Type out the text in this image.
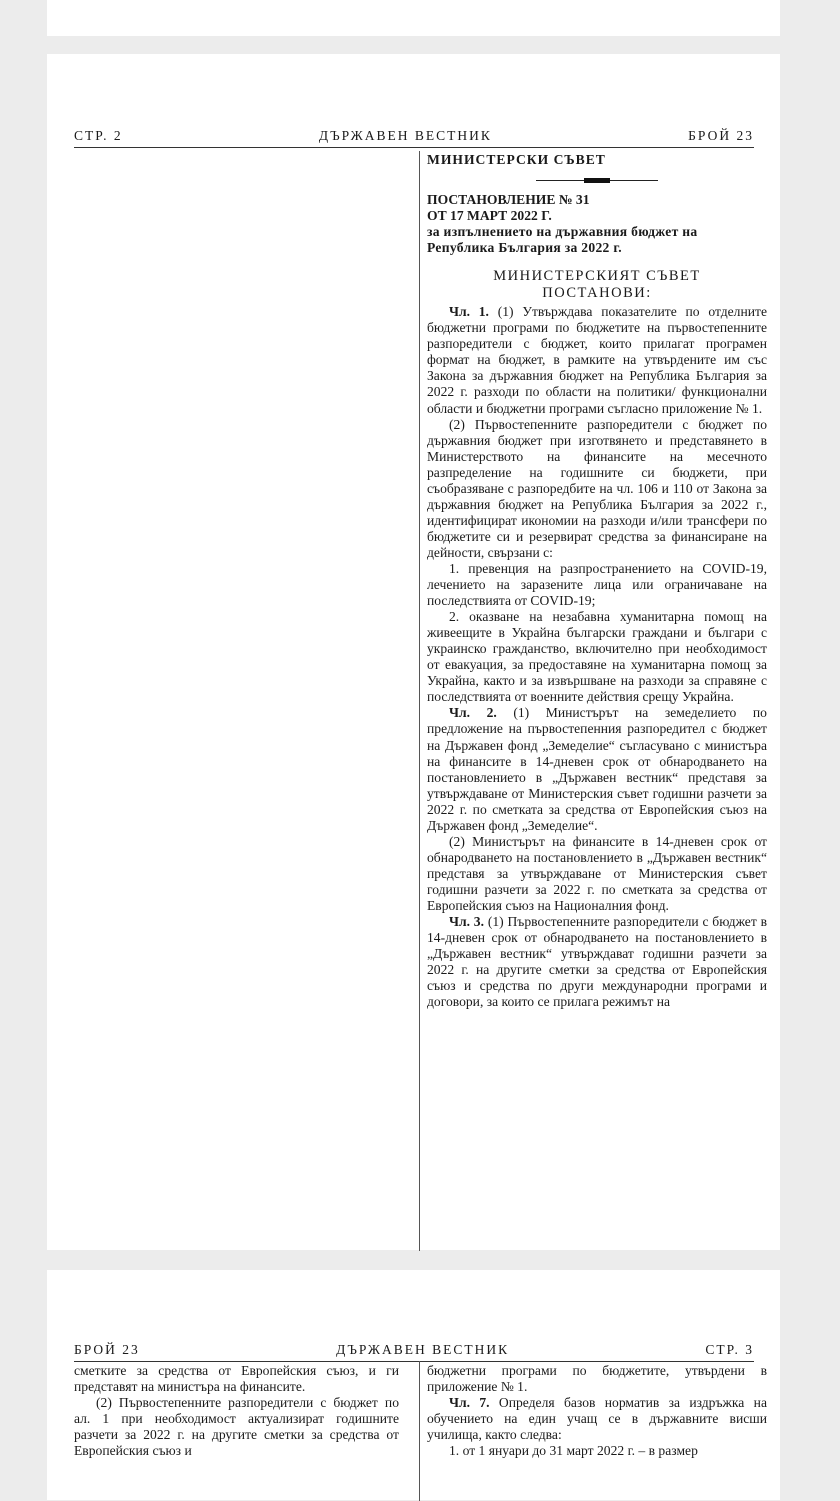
СТР. 2	ДЪРЖАВЕН ВЕСТНИК	БРОЙ 23

МИНИСТЕРСКИ СЪВЕТ

ПОСТАНОВЛЕНИЕ № 31

ОТ 17 МАРТ 2022 Г.

за изпълнението на държавния бюджет на

Република България за 2022 г.

МИНИСТЕРСКИЯТ СЪВЕТ
ПОСТАНОВИ:

Чл. 1. (1) Утвърждава показателите по отделните бюджетни програми по бюджетите на първостепенните разпоредители с бюджет, които прилагат програмен формат на бюджет, в рамките на утвърдените им със Закона за държавния бюджет на Република България за 2022 г. разходи по области на политики/ функционални области и бюджетни програми съгласно приложение № 1.

(2) Първостепенните разпоредители с бюджет по държавния бюджет при изготвянето и представянето в Министерството на финансите на месечното разпределение на годишните си бюджети, при съобразяване с разпоредбите на чл. 106 и 110 от Закона за държавния бюджет на Република България за 2022 г., идентифицират икономии на разходи и/или трансфери по бюджетите си и резервират средства за финансиране на дейности, свързани с:

1. превенция на разпространението на COVID-19, лечението на заразените лица или ограничаване на последствията от COVID-19;

2. оказване на незабавна хуманитарна помощ на живеещите в Украйна български граждани и българи с украинско гражданство, включително при необходимост от евакуация, за предоставяне на хуманитарна помощ за Украйна, както и за извършване на разходи за справяне с последствията от военните действия срещу Украйна.

Чл. 2. (1) Министърът на земеделието по предложение на първостепенния разпоредител с бюджет на Държавен фонд „Земеделие“ съгласувано с министъра на финансите в 14-дневен срок от обнародването на постановлението в „Държавен вестник“ представя за утвърждаване от Министерския съвет годишни разчети за 2022 г. по сметката за средства от Европейския съюз на Държавен фонд „Земеделие“.

(2) Министърът на финансите в 14-дневен срок от обнародването на постановлението в „Държавен вестник“ представя за утвърждаване от Министерския съвет годишни разчети за 2022 г. по сметката за средства от Европейския съюз на Националния фонд.

Чл. 3. (1) Първостепенните разпоредители с бюджет в 14-дневен срок от обнародването на постановлението в „Държавен вестник“ утвърждават годишни разчети за 2022 г. на другите сметки за средства от Европейския съюз и средства по други международни програми и договори, за които се прилага режимът на

БРОЙ 23	ДЪРЖАВЕН ВЕСТНИК	СТР. 3

сметките за средства от Европейския съюз, и ги представят на министъра на финансите.

(2) Първостепенните разпоредители с бюджет по ал. 1 при необходимост актуализират годишните разчети за 2022 г. на другите сметки за средства от Европейския съюз и

бюджетни програми по бюджетите, утвърдени в приложение № 1.

Чл. 7. Определя базов норматив за издръжка на обучението на един учащ се в държавните висши училища, както следва:

1. от 1 януари до 31 март 2022 г. – в размер
